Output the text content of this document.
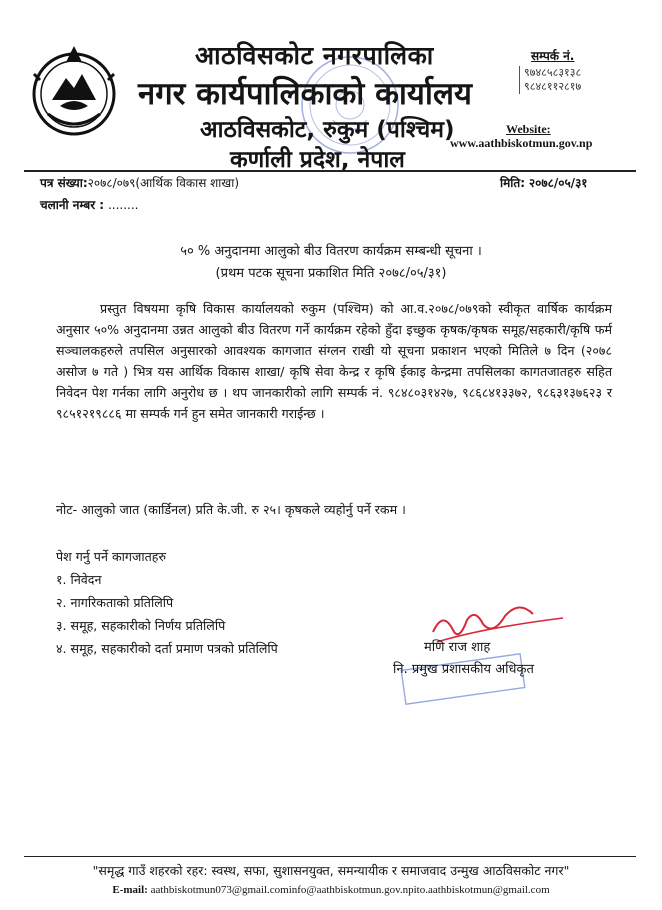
आठविसकोट नगरपालिका
नगर कार्यपालिकाको कार्यालय
आठविसकोट, रुकुम (पश्चिम)
कर्णाली प्रदेश, नेपाल
सम्पर्क नं.
९७४८५८३१३८
९८४८११२८१७
Website:
www.aathbiskotmun.gov.np
पत्र संख्या:२०७८/०७९(आर्थिक विकास शाखा)	मिति: २०७८/०५/३१
चलानी नम्बर : ........
५० % अनुदानमा आलुको बीउ वितरण कार्यक्रम सम्बन्धी सूचना ।
(प्रथम पटक सूचना प्रकाशित मिति २०७८/०५/३१)

प्रस्तुत विषयमा कृषि विकास कार्यालयको रुकुम (पश्चिम) को आ.व.२०७८/०७९को स्वीकृत वार्षिक कार्यक्रम अनुसार ५०% अनुदानमा उन्नत आलुको बीउ वितरण गर्ने कार्यक्रम रहेको हुँदा इच्छुक कृषक/कृषक समूह/सहकारी/कृषि फर्म सञ्चालकहरुले तपसिल अनुसारको आवश्यक कागजात संग्लन राखी यो सूचना प्रकाशन भएको मितिले ७ दिन (२०७८ असोज ७ गते ) भित्र यस आर्थिक विकास शाखा/ कृषि सेवा केन्द्र र कृषि ईकाइ केन्द्रमा तपसिलका कागतजातहरु सहित निवेदन पेश गर्नका लागि अनुरोध छ । थप जानकारीको लागि सम्पर्क नं. ९८४८०३१४२७, ९८६८४१३३७२, ९८६३१३७६२३ र ९८५१२१९८८६ मा सम्पर्क गर्न हुन समेत जानकारी गराईन्छ ।

नोट- आलुको जात (कार्डिनल) प्रति के.जी. रु २५। कृषकले व्यहोर्नु पर्ने रकम ।
पेश गर्नु पर्ने कागजातहरु
१. निवेदन
२. नागरिकताको प्रतिलिपि
३. समूह, सहकारीको निर्णय प्रतिलिपि
४. समूह, सहकारीको दर्ता प्रमाण पत्रको प्रतिलिपि	मणि राज शाह
नि. प्रमुख प्रशासकीय अधिकृत
"समृद्ध गाउँ शहरको रहर: स्वस्थ, सफा, सुशासनयुक्त, समन्यायीक र समाजवाद उन्मुख आठविसकोट नगर"
E-mail: aathbiskotmun073@gmail.cominfo@aathbiskotmun.gov.npito.aathbiskotmun@gmail.com
